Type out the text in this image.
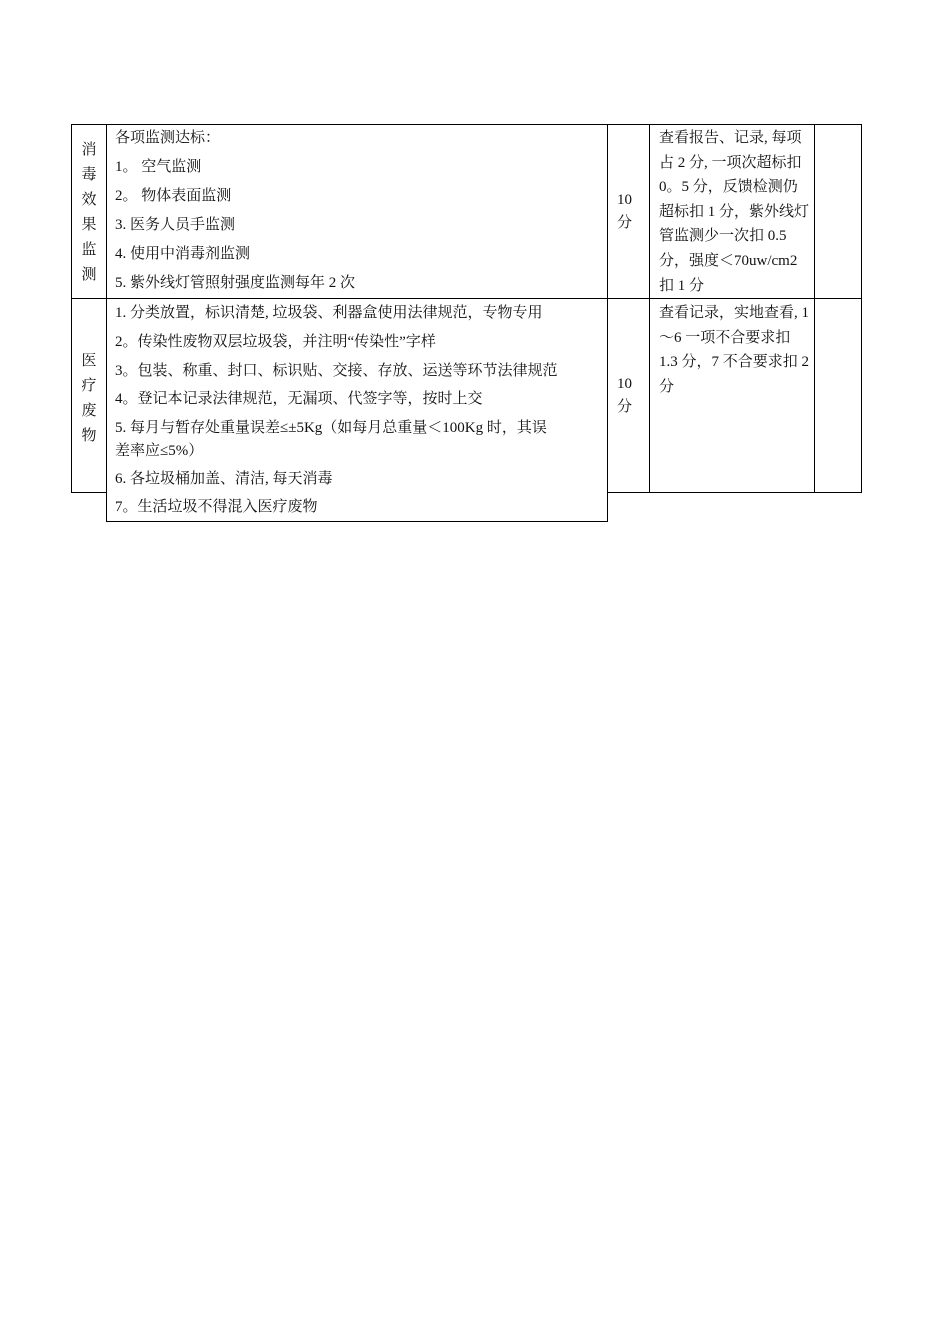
消
毒
效
果
监
测
各项监测达标：
1。 空气监测
2。 物体表面监测
3. 医务人员手监测
4. 使用中消毒剂监测
5. 紫外线灯管照射强度监测每年 2 次
10
分
查看报告、记录, 每项占 2 分, 一项次超标扣 0。5 分，反馈检测仍超标扣 1 分，紫外线灯管监测少一次扣 0.5 分，强度＜70uw/cm2 扣 1 分
医
疗
废
物
1. 分类放置，标识清楚, 垃圾袋、利器盒使用法律规范，专物专用
2。传染性废物双层垃圾袋，并注明“传染性”字样
3。包装、称重、封口、标识贴、交接、存放、运送等环节法律规范
4。登记本记录法律规范，无漏项、代签字等，按时上交
5. 每月与暂存处重量误差≤±5Kg（如每月总重量＜100Kg 时，其误
差率应≤5%）
6. 各垃圾桶加盖、清洁, 每天消毒
7。生活垃圾不得混入医疗废物
10
分
查看记录，实地查看, 1～6 一项不合要求扣 1.3 分，7 不合要求扣 2 分
